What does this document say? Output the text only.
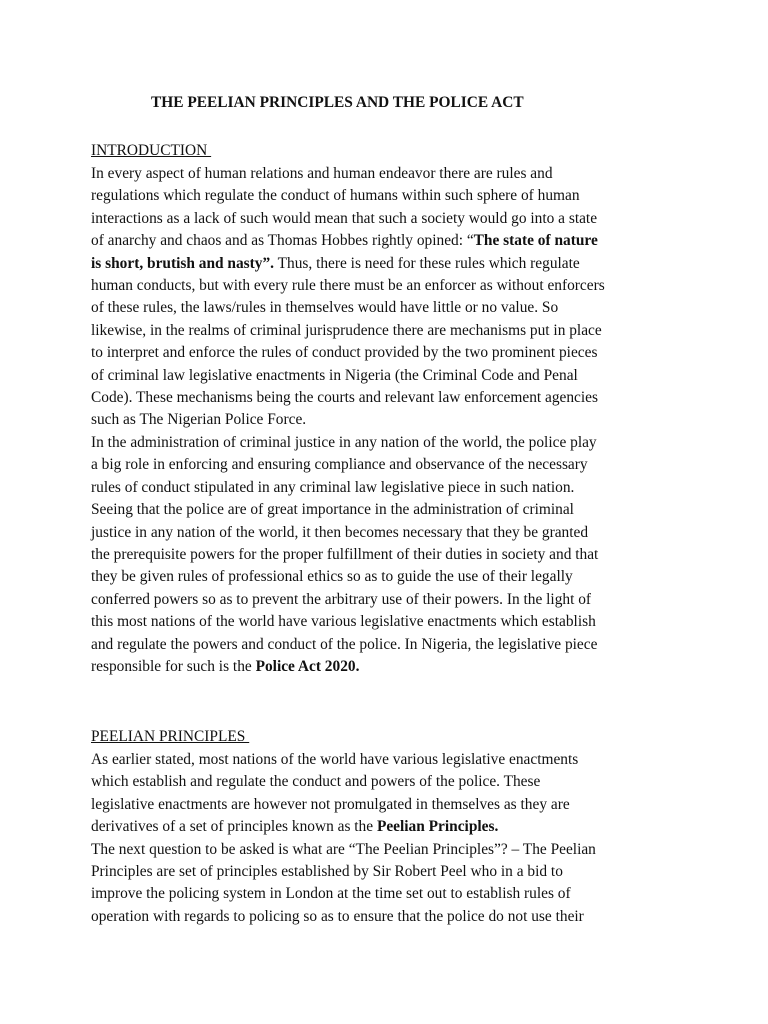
THE PEELIAN PRINCIPLES AND THE POLICE ACT
INTRODUCTION
In every aspect of human relations and human endeavor there are rules and
regulations which regulate the conduct of humans within such sphere of human
interactions as a lack of such would mean that such a society would go into a state
of anarchy and chaos and as Thomas Hobbes rightly opined: “The state of nature
is short, brutish and nasty”. Thus, there is need for these rules which regulate
human conducts, but with every rule there must be an enforcer as without enforcers
of these rules, the laws/rules in themselves would have little or no value. So
likewise, in the realms of criminal jurisprudence there are mechanisms put in place
to interpret and enforce the rules of conduct provided by the two prominent pieces
of criminal law legislative enactments in Nigeria (the Criminal Code and Penal
Code). These mechanisms being the courts and relevant law enforcement agencies
such as The Nigerian Police Force.
In the administration of criminal justice in any nation of the world, the police play
a big role in enforcing and ensuring compliance and observance of the necessary
rules of conduct stipulated in any criminal law legislative piece in such nation.
Seeing that the police are of great importance in the administration of criminal
justice in any nation of the world, it then becomes necessary that they be granted
the prerequisite powers for the proper fulfillment of their duties in society and that
they be given rules of professional ethics so as to guide the use of their legally
conferred powers so as to prevent the arbitrary use of their powers. In the light of
this most nations of the world have various legislative enactments which establish
and regulate the powers and conduct of the police. In Nigeria, the legislative piece
responsible for such is the Police Act 2020.
PEELIAN PRINCIPLES
As earlier stated, most nations of the world have various legislative enactments
which establish and regulate the conduct and powers of the police. These
legislative enactments are however not promulgated in themselves as they are
derivatives of a set of principles known as the Peelian Principles.
The next question to be asked is what are “The Peelian Principles”? – The Peelian
Principles are set of principles established by Sir Robert Peel who in a bid to
improve the policing system in London at the time set out to establish rules of
operation with regards to policing so as to ensure that the police do not use their
